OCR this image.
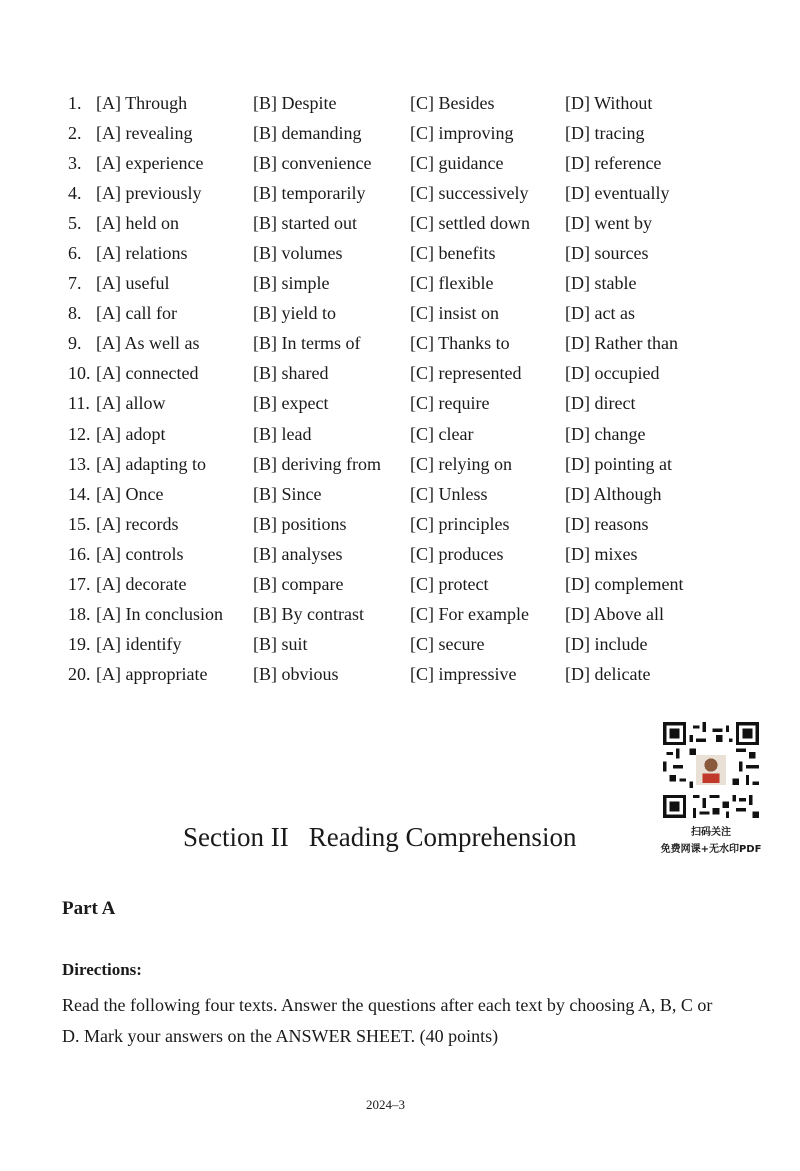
1. [A] Through	[B] Despite	[C] Besides	[D] Without
2. [A] revealing	[B] demanding	[C] improving	[D] tracing
3. [A] experience	[B] convenience	[C] guidance	[D] reference
4. [A] previously	[B] temporarily	[C] successively	[D] eventually
5. [A] held on	[B] started out	[C] settled down	[D] went by
6. [A] relations	[B] volumes	[C] benefits	[D] sources
7. [A] useful	[B] simple	[C] flexible	[D] stable
8. [A] call for	[B] yield to	[C] insist on	[D] act as
9. [A] As well as	[B] In terms of	[C] Thanks to	[D] Rather than
10. [A] connected	[B] shared	[C] represented	[D] occupied
11. [A] allow	[B] expect	[C] require	[D] direct
12. [A] adopt	[B] lead	[C] clear	[D] change
13. [A] adapting to	[B] deriving from	[C] relying on	[D] pointing at
14. [A] Once	[B] Since	[C] Unless	[D] Although
15. [A] records	[B] positions	[C] principles	[D] reasons
16. [A] controls	[B] analyses	[C] produces	[D] mixes
17. [A] decorate	[B] compare	[C] protect	[D] complement
18. [A] In conclusion	[B] By contrast	[C] For example	[D] Above all
19. [A] identify	[B] suit	[C] secure	[D] include
20. [A] appropriate	[B] obvious	[C] impressive	[D] delicate
扫码关注
免费网课+无水印PDF
Section II Reading Comprehension
Part A
Directions:
Read the following four texts. Answer the questions after each text by choosing A, B, C or D. Mark your answers on the ANSWER SHEET. (40 points)
2024–3
